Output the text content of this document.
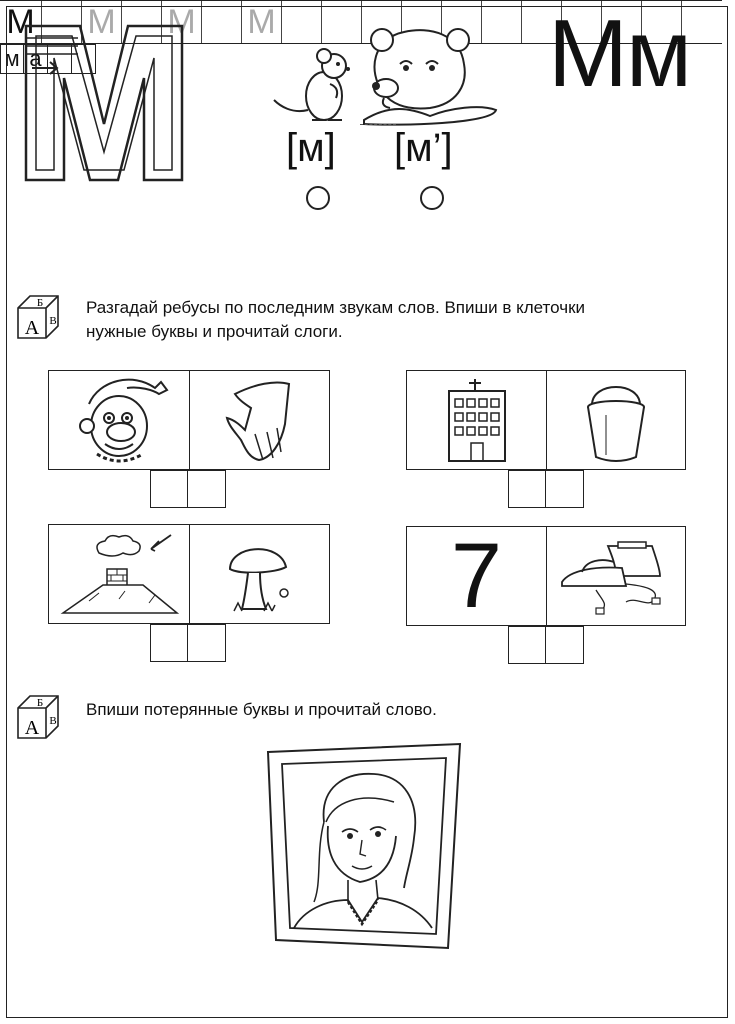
[м] [м’]
Мм
М М М М
А
Б
В
Разгадай ребусы по последним звукам слов. Впиши в клеточки
нужные буквы и прочитай слоги.
7
А
Б
В
Впиши потерянные буквы и прочитай слово.
м а
